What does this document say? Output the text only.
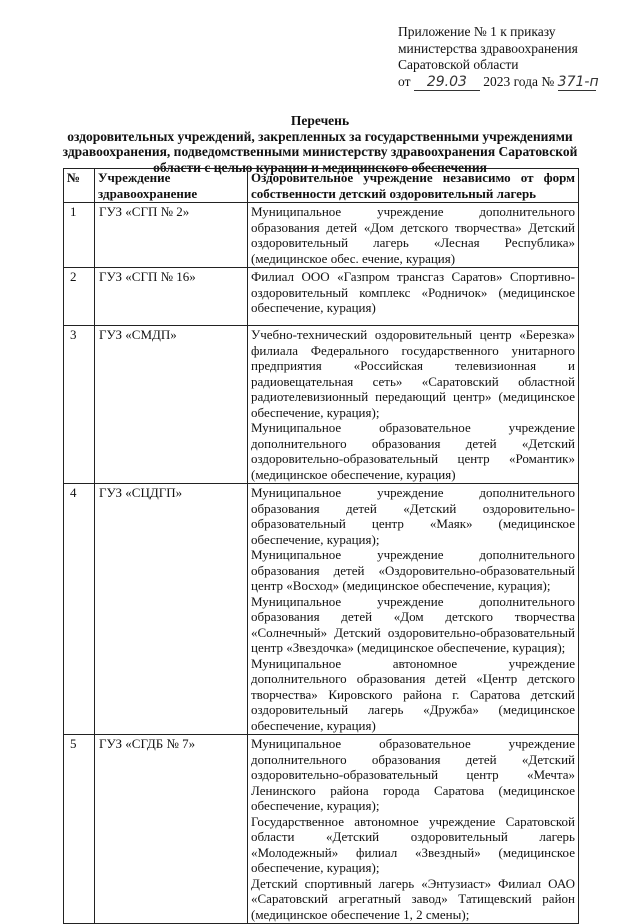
Приложение № 1 к приказу
министерства здравоохранения
Саратовской области
от 29.03 2023 года № 371-п
Перечень
оздоровительных учреждений, закрепленных за государственными учреждениями
здравоохранения, подведомственными министерству здравоохранения Саратовской
области с целью курации и медицинского обеспечения
№	Учреждение здравоохранение	Оздоровительное учреждение независимо от форм собственности детский оздоровительный лагерь
1	ГУЗ «СГП № 2»	Муниципальное учреждение дополнительного образования детей «Дом детского творчества» Детский оздоровительный лагерь «Лесная Республика» (медицинское обес. ечение, курация)

2	ГУЗ «СГП № 16»	Филиал ООО «Газпром трансгаз Саратов» Спортивно-оздоровительный комплекс «Родничок» (медицинское обеспечение, курация)

3	ГУЗ «СМДП»	Учебно-технический оздоровительный центр «Березка» филиала Федерального государственного унитарного предприятия «Российская телевизионная и радиовещательная сеть» «Саратовский областной радиотелевизионный передающий центр» (медицинское обеспечение, курация);

Муниципальное образовательное учреждение дополнительного образования детей «Детский оздоровительно-образовательный центр «Романтик» (медицинское обеспечение, курация)

4	ГУЗ «СЦДГП»	Муниципальное учреждение дополнительного образования детей «Детский оздоровительно-образовательный центр «Маяк» (медицинское обеспечение, курация);

Муниципальное учреждение дополнительного образования детей «Оздоровительно-образовательный центр «Восход» (медицинское обеспечение, курация);

Муниципальное учреждение дополнительного образования детей «Дом детского творчества «Солнечный» Детский оздоровительно-образовательный центр «Звездочка» (медицинское обеспечение, курация);

Муниципальное автономное учреждение дополнительного образования детей «Центр детского творчества» Кировского района г. Саратова детский оздоровительный лагерь «Дружба» (медицинское обеспечение, курация)

5	ГУЗ «СГДБ № 7»	Муниципальное образовательное учреждение дополнительного образования детей «Детский оздоровительно-образовательный центр «Мечта» Ленинского района города Саратова (медицинское обеспечение, курация);

Государственное автономное учреждение Саратовской области «Детский оздоровительный лагерь «Молодежный» филиал «Звездный» (медицинское обеспечение, курация);

Детский спортивный лагерь «Энтузиаст» Филиал ОАО «Саратовский агрегатный завод» Татищевский район (медицинское обеспечение 1, 2 смены);
